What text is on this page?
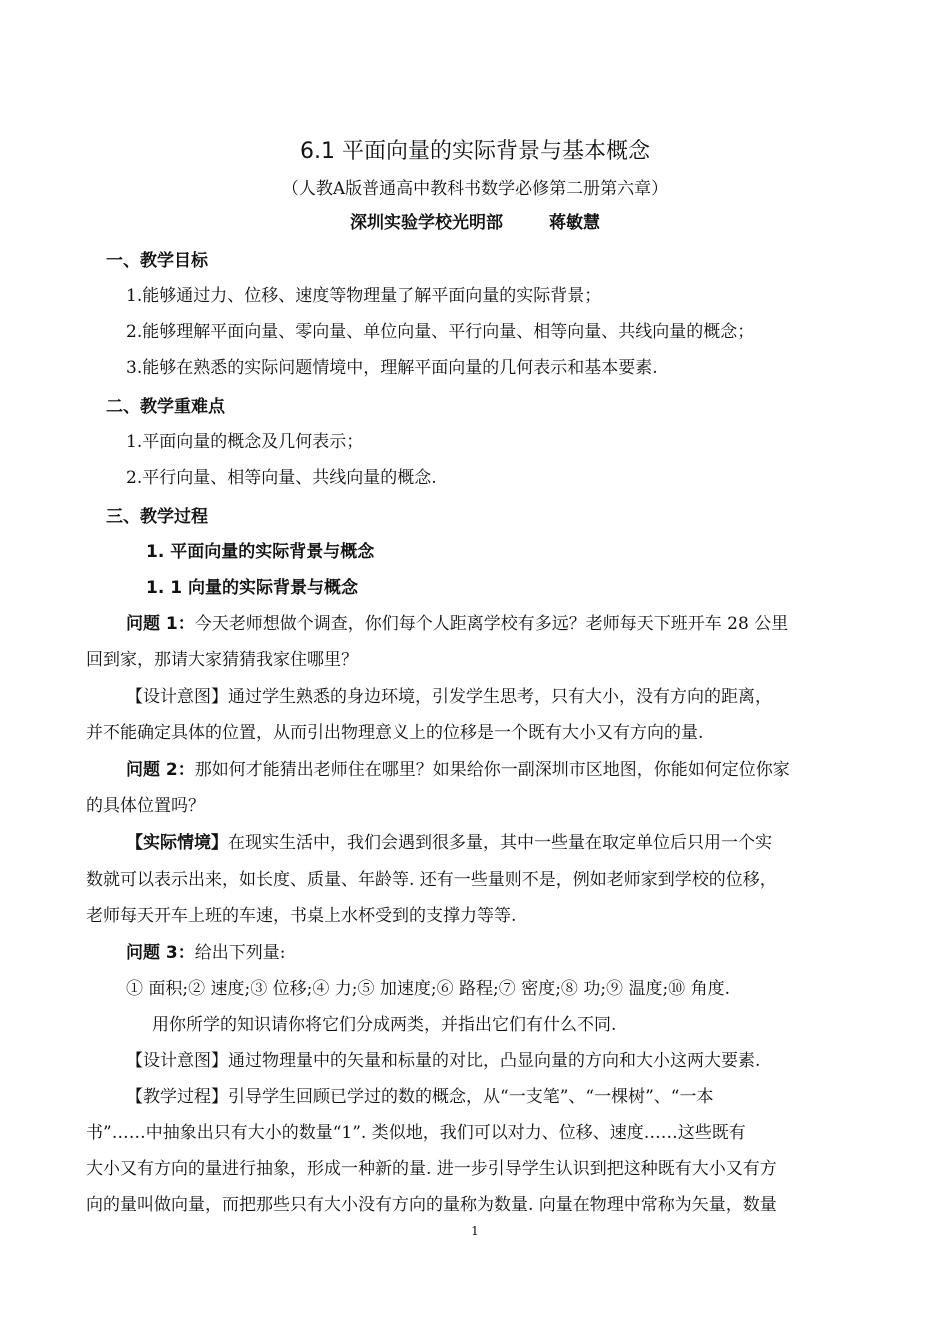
6.1 平面向量的实际背景与基本概念
（人教A版普通高中教科书数学必修第二册第六章）
深圳实验学校光明部	蒋敏慧
一、教学目标
1.能够通过力、位移、速度等物理量了解平面向量的实际背景；
2.能够理解平面向量、零向量、单位向量、平行向量、相等向量、共线向量的概念；
3.能够在熟悉的实际问题情境中，理解平面向量的几何表示和基本要素.
二、教学重难点
1.平面向量的概念及几何表示；
2.平行向量、相等向量、共线向量的概念.
三、教学过程
1. 平面向量的实际背景与概念
1. 1 向量的实际背景与概念
问题 1：今天老师想做个调查，你们每个人距离学校有多远？老师每天下班开车 28 公里
回到家，那请大家猜猜我家住哪里？
【设计意图】通过学生熟悉的身边环境，引发学生思考，只有大小，没有方向的距离，
并不能确定具体的位置，从而引出物理意义上的位移是一个既有大小又有方向的量.
问题 2：那如何才能猜出老师住在哪里？如果给你一副深圳市区地图，你能如何定位你家
的具体位置吗？
【实际情境】在现实生活中，我们会遇到很多量，其中一些量在取定单位后只用一个实
数就可以表示出来，如长度、质量、年龄等. 还有一些量则不是，例如老师家到学校的位移，
老师每天开车上班的车速，书桌上水杯受到的支撑力等等.
问题 3：给出下列量:
① 面积;② 速度;③ 位移;④ 力;⑤ 加速度;⑥ 路程;⑦ 密度;⑧ 功;⑨ 温度;⑩ 角度.
用你所学的知识请你将它们分成两类，并指出它们有什么不同.
【设计意图】通过物理量中的矢量和标量的对比，凸显向量的方向和大小这两大要素.
【教学过程】引导学生回顾已学过的数的概念，从“一支笔”、“一棵树”、“一本
书”……中抽象出只有大小的数量“1”. 类似地，我们可以对力、位移、速度……这些既有
大小又有方向的量进行抽象，形成一种新的量. 进一步引导学生认识到把这种既有大小又有方
向的量叫做向量，而把那些只有大小没有方向的量称为数量. 向量在物理中常称为矢量，数量
1
